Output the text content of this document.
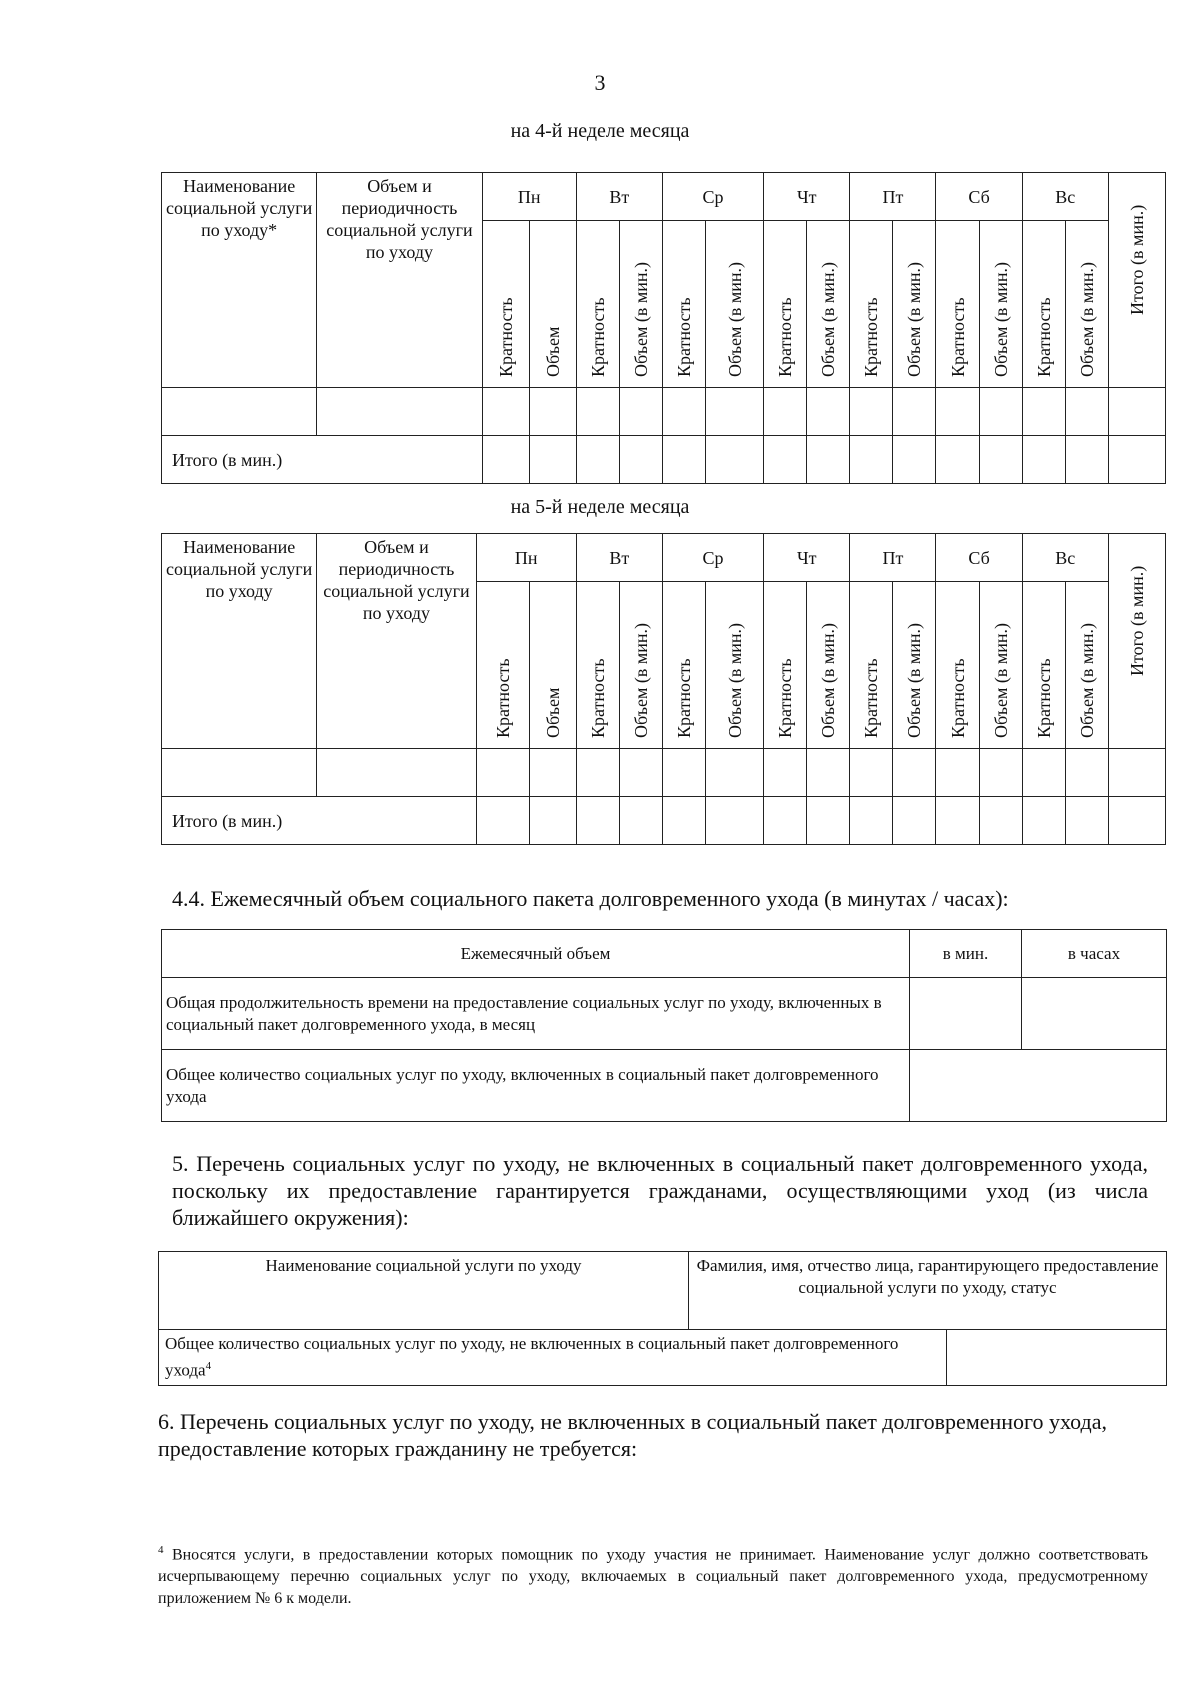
3
на 4-й неделе месяца
Наименование социальной услуги по уходу*	Объем и периодичность социальной услуги по уходу	Пн		Вт		Ср		Чт		Пт		Сб		Вс		Итого (в мин.)

		Кратность	Объем	Кратность	Объем (в мин.)	Кратность	Объем (в мин.)	Кратность	Объем (в мин.)	Кратность	Объем (в мин.)	Кратность	Объем (в мин.)	Кратность	Объем (в мин.)	

Итого (в мин.)																
на 5-й неделе месяца
Наименование социальной услуги по уходу	Объем и периодичность социальной услуги по уходу	Пн		Вт		Ср		Чт		Пт		Сб		Вс		Итого (в мин.)

		Кратность	Объем	Кратность	Объем (в мин.)	Кратность	Объем (в мин.)	Кратность	Объем (в мин.)	Кратность	Объем (в мин.)	Кратность	Объем (в мин.)	Кратность	Объем (в мин.)	

Итого (в мин.)																
4.4. Ежемесячный объем социального пакета долговременного ухода (в минутах / часах):
Ежемесячный объем	в мин.	в часах
Общая продолжительность времени на предоставление социальных услуг по уходу, включенных в социальный пакет долговременного ухода, в месяц		
Общее количество социальных услуг по уходу, включенных в социальный пакет долговременного ухода		
5. Перечень социальных услуг по уходу, не включенных в социальный пакет долговременного ухода, поскольку их предоставление гарантируется гражданами, осуществляющими уход (из числа ближайшего окружения):
Наименование социальной услуги по уходу	Фамилия, имя, отчество лица, гарантирующего предоставление социальной услуги по уходу, статус	
Общее количество социальных услуг по уходу, не включенных в социальный пакет долговременного ухода$^4$	
6. Перечень социальных услуг по уходу, не включенных в социальный пакет долговременного ухода, предоставление которых гражданину не требуется:
$^4$ Вносятся услуги, в предоставлении которых помощник по уходу участия не принимает. Наименование услуг должно соответствовать исчерпывающему перечню социальных услуг по уходу, включаемых в социальный пакет долговременного ухода, предусмотренному приложением № 6 к модели.
